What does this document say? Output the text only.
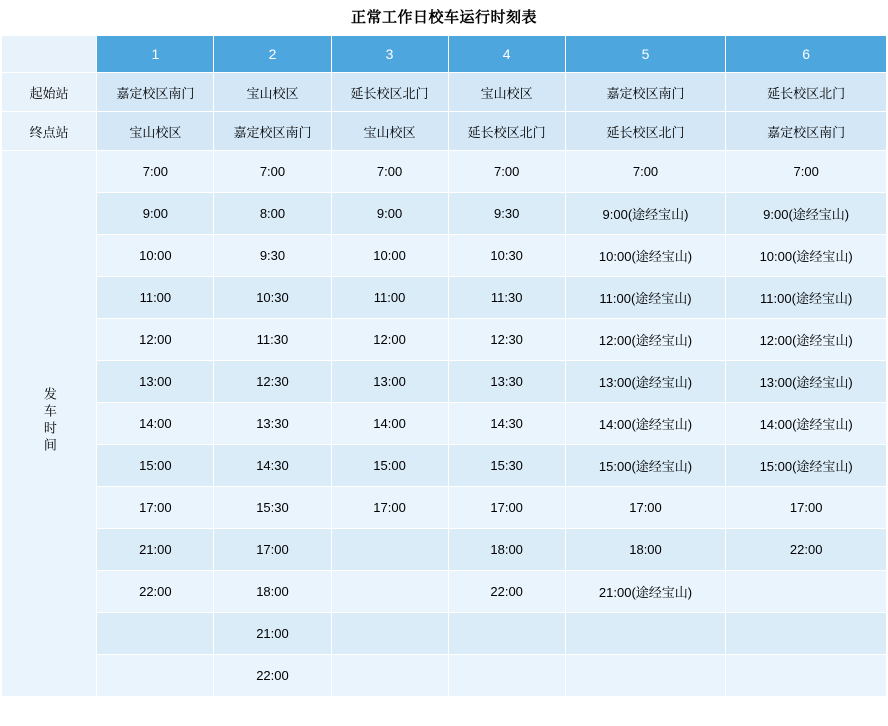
正常工作日校车运行时刻表
	1	2	3	4	5	6
起始站	嘉定校区南门	宝山校区	延长校区北门	宝山校区	嘉定校区南门	延长校区北门
终点站	宝山校区	嘉定校区南门	宝山校区	延长校区北门	延长校区北门	嘉定校区南门
发车时间	7:00	7:00	7:00	7:00	7:00	7:00
	9:00	8:00	9:00	9:30	9:00(途经宝山)	9:00(途经宝山)
	10:00	9:30	10:00	10:30	10:00(途经宝山)	10:00(途经宝山)
	11:00	10:30	11:00	11:30	11:00(途经宝山)	11:00(途经宝山)
	12:00	11:30	12:00	12:30	12:00(途经宝山)	12:00(途经宝山)
	13:00	12:30	13:00	13:30	13:00(途经宝山)	13:00(途经宝山)
	14:00	13:30	14:00	14:30	14:00(途经宝山)	14:00(途经宝山)
	15:00	14:30	15:00	15:30	15:00(途经宝山)	15:00(途经宝山)
	17:00	15:30	17:00	17:00	17:00	17:00
	21:00	17:00		18:00	18:00	22:00
	22:00	18:00		22:00	21:00(途经宝山)	
		21:00				
		22:00				
